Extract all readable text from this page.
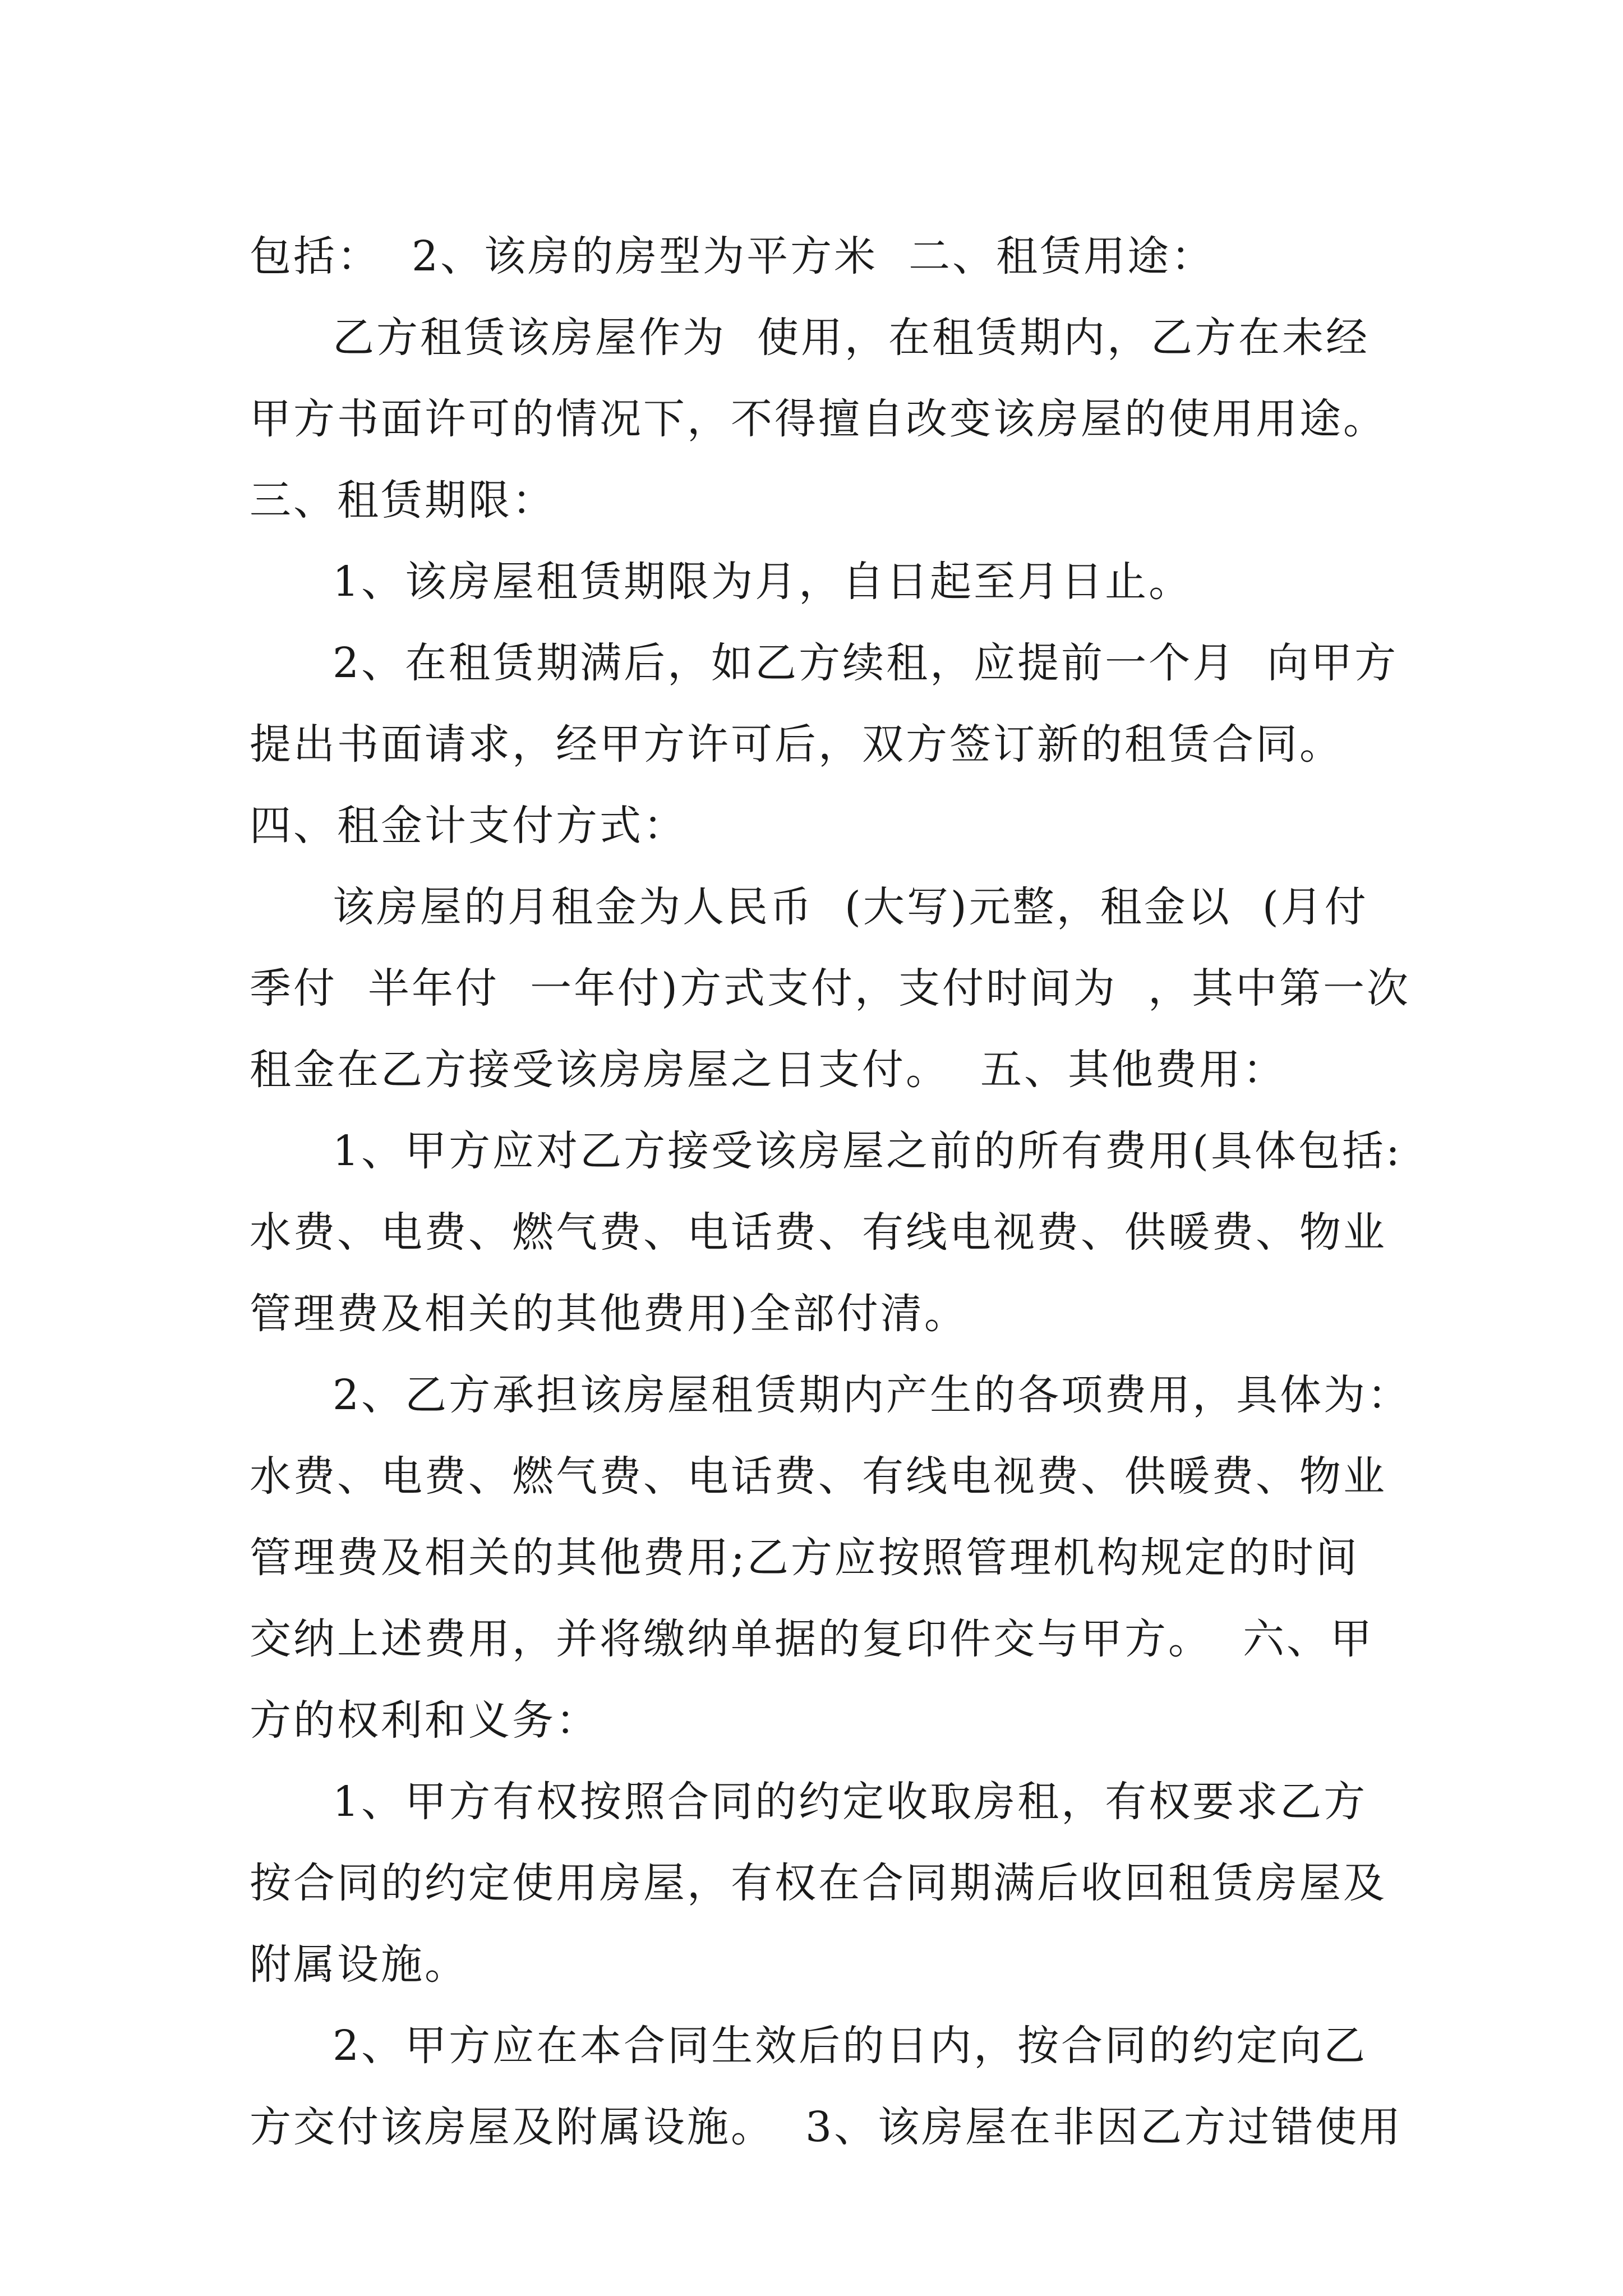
包括：  2、该房的房型为平方米  二、租赁用途：
乙方租赁该房屋作为  使用，在租赁期内，乙方在未经
甲方书面许可的情况下，不得擅自改变该房屋的使用用途。
三、租赁期限：
1、该房屋租赁期限为月，自日起至月日止。
2、在租赁期满后，如乙方续租，应提前一个月  向甲方
提出书面请求，经甲方许可后，双方签订新的租赁合同。
四、租金计支付方式：
该房屋的月租金为人民币  (大写)元整，租金以  (月付
季付  半年付  一年付)方式支付，支付时间为  ，其中第一次
租金在乙方接受该房房屋之日支付。  五、其他费用：
1、甲方应对乙方接受该房屋之前的所有费用(具体包括:
水费、电费、燃气费、电话费、有线电视费、供暖费、物业
管理费及相关的其他费用)全部付清。
2、乙方承担该房屋租赁期内产生的各项费用，具体为：
水费、电费、燃气费、电话费、有线电视费、供暖费、物业
管理费及相关的其他费用;乙方应按照管理机构规定的时间
交纳上述费用，并将缴纳单据的复印件交与甲方。  六、甲
方的权利和义务：
1、甲方有权按照合同的约定收取房租，有权要求乙方
按合同的约定使用房屋，有权在合同期满后收回租赁房屋及
附属设施。
2、甲方应在本合同生效后的日内，按合同的约定向乙
方交付该房屋及附属设施。  3、该房屋在非因乙方过错使用
